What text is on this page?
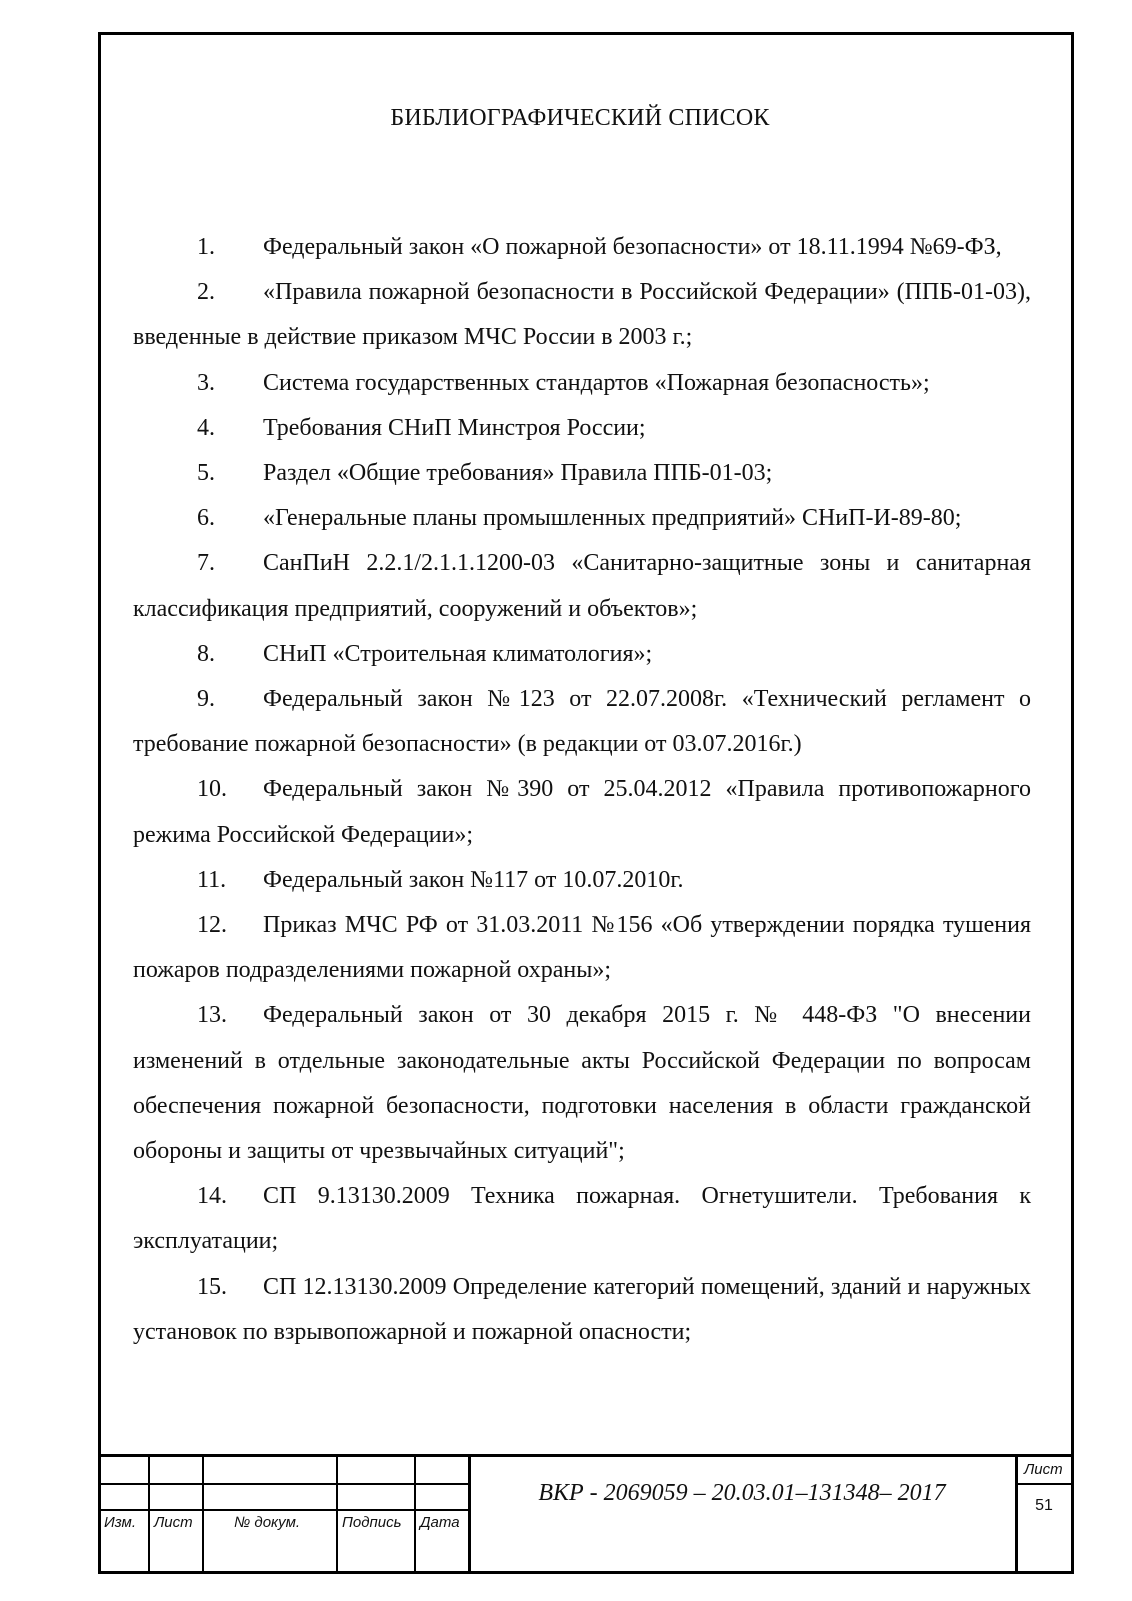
БИБЛИОГРАФИЧЕСКИЙ СПИСОК
1. Федеральный закон «О пожарной безопасности» от 18.11.1994 №69-ФЗ,
2. «Правила пожарной безопасности в Российской Федерации» (ППБ-01-03), введенные в действие приказом МЧС России в 2003 г.;
3. Система государственных стандартов «Пожарная безопасность»;
4. Требования СНиП Минстроя России;
5. Раздел «Общие требования» Правила ППБ-01-03;
6. «Генеральные планы промышленных предприятий» СНиП-И-89-80;
7. СанПиН 2.2.1/2.1.1.1200-03 «Санитарно-защитные зоны и санитарная классификация предприятий, сооружений и объектов»;
8. СНиП «Строительная климатология»;
9. Федеральный закон №123 от 22.07.2008г. «Технический регламент о требование пожарной безопасности» (в редакции от 03.07.2016г.)
10. Федеральный закон №390 от 25.04.2012 «Правила противопожарного режима Российской Федерации»;
11. Федеральный закон №117 от 10.07.2010г.
12. Приказ МЧС РФ от 31.03.2011 №156 «Об утверждении порядка тушения пожаров подразделениями пожарной охраны»;
13. Федеральный закон от 30 декабря 2015 г. № 448-ФЗ "О внесении изменений в отдельные законодательные акты Российской Федерации по вопросам обеспечения пожарной безопасности, подготовки населения в области гражданской обороны и защиты от чрезвычайных ситуаций";
14. СП 9.13130.2009 Техника пожарная. Огнетушители. Требования к эксплуатации;
15. СП 12.13130.2009 Определение категорий помещений, зданий и наружных установок по взрывопожарной и пожарной опасности;
Изм. Лист	№ докум.	Подпись Дата
ВКР - 2069059 – 20.03.01–131348– 2017
Лист
51
